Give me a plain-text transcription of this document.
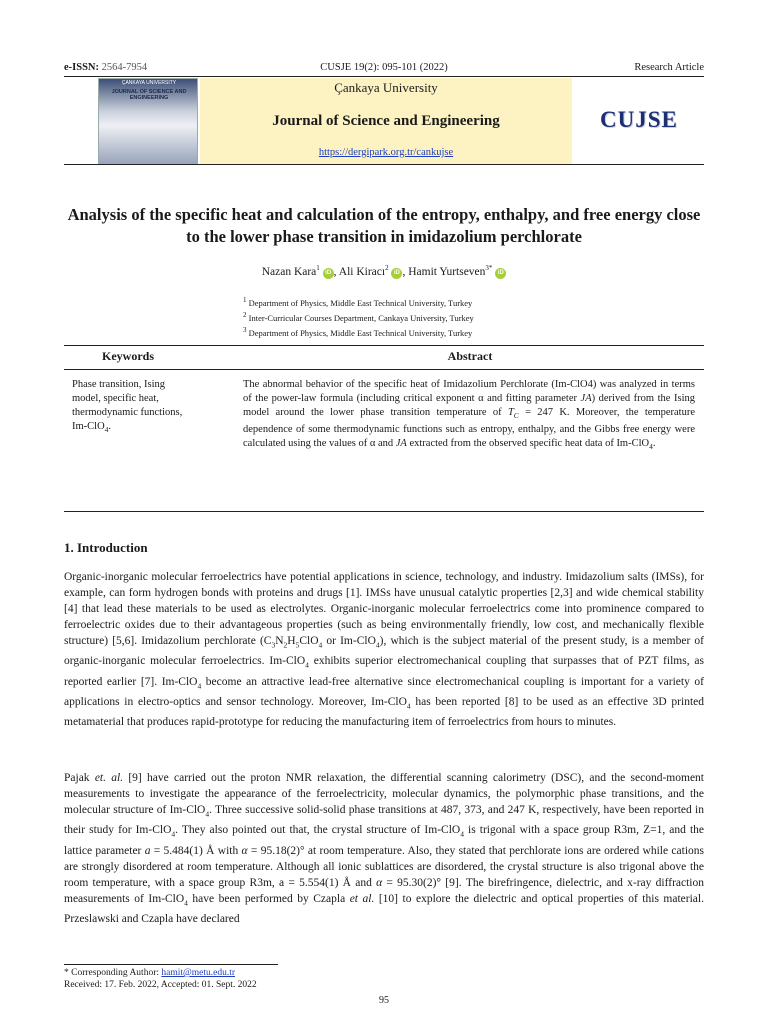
e-ISSN: 2564-7954	CUSJE 19(2): 095-101 (2022)	Research Article
ÇANKAYA UNIVERSITY
JOURNAL OF SCIENCE AND ENGINEERING
Çankaya University
Journal of Science and Engineering
https://dergipark.org.tr/cankujse
CUJSE
Analysis of the specific heat and calculation of the entropy, enthalpy, and free energy close to the lower phase transition in imidazolium perchlorate
Nazan Kara$^1$ iD , Ali Kiracı$^2$ iD , Hamit Yurtseven$^{3*}$ iD
$^1$ Department of Physics, Middle East Technical University, Turkey
$^2$ Inter-Curricular Courses Department, Cankaya University, Turkey
$^3$ Department of Physics, Middle East Technical University, Turkey
Keywords	Abstract
Phase transition, Ising model, specific heat, thermodynamic functions, Im-ClO$_4$.
The abnormal behavior of the specific heat of Imidazolium Perchlorate (Im-ClO4) was analyzed in terms of the power-law formula (including critical exponent α and fitting parameter JA) derived from the Ising model around the lower phase transition temperature of $T_C = 247$ K. Moreover, the temperature dependence of some thermodynamic functions such as entropy, enthalpy, and the Gibbs free energy were calculated using the values of α and JA extracted from the observed specific heat data of Im-ClO$_4$.
1. Introduction
Organic-inorganic molecular ferroelectrics have potential applications in science, technology, and industry. Imidazolium salts (IMSs), for example, can form hydrogen bonds with proteins and drugs [1]. IMSs have unusual catalytic properties [2,3] and wide chemical stability [4] that lead these materials to be used as electrolytes. Organic-inorganic molecular ferroelectrics come into prominence compared to ferroelectric oxides due to their advantageous properties (such as being environmentally friendly, low cost, and mechanically flexible structure) [5,6]. Imidazolium perchlorate ($C_3N_2H_5ClO_4$ or Im-ClO$_4$), which is the subject material of the present study, is a member of organic-inorganic molecular ferroelectrics. Im-ClO$_4$ exhibits superior electromechanical coupling that surpasses that of PZT films, as reported earlier [7]. Im-ClO$_4$ become an attractive lead-free alternative since electromechanical coupling is important for a variety of applications in electro-optics and sensor technology. Moreover, Im-ClO$_4$ has been reported [8] to be used as an effective 3D printed metamaterial that produces rapid-prototype for reducing the manufacturing item of ferroelectrics from hours to minutes.
Pajak et. al. [9] have carried out the proton NMR relaxation, the differential scanning calorimetry (DSC), and the second-moment measurements to investigate the appearance of the ferroelectricity, molecular dynamics, the polymorphic phase transitions, and the molecular structure of Im-ClO$_4$. Three successive solid-solid phase transitions at 487, 373, and 247 K, respectively, have been reported in their study for Im-ClO$_4$. They also pointed out that, the crystal structure of Im-ClO$_4$ is trigonal with a space group R3m, Z=1, and the lattice parameter a = 5.484(1) Å with α = 95.18(2)° at room temperature. Also, they stated that perchlorate ions are ordered while cations are strongly disordered at room temperature. Although all ionic sublattices are disordered, the crystal structure is also trigonal above the room temperature, with a space group R3m, a = 5.554(1) Å and α = 95.30(2)° [9]. The birefringence, dielectric, and x-ray diffraction measurements of Im-ClO$_4$ have been performed by Czapla et al. [10] to explore the dielectric and optical properties of this material. Przeslawski and Czapla have declared
* Corresponding Author: hamit@metu.edu.tr
Received: 17. Feb. 2022, Accepted: 01. Sept. 2022
95
